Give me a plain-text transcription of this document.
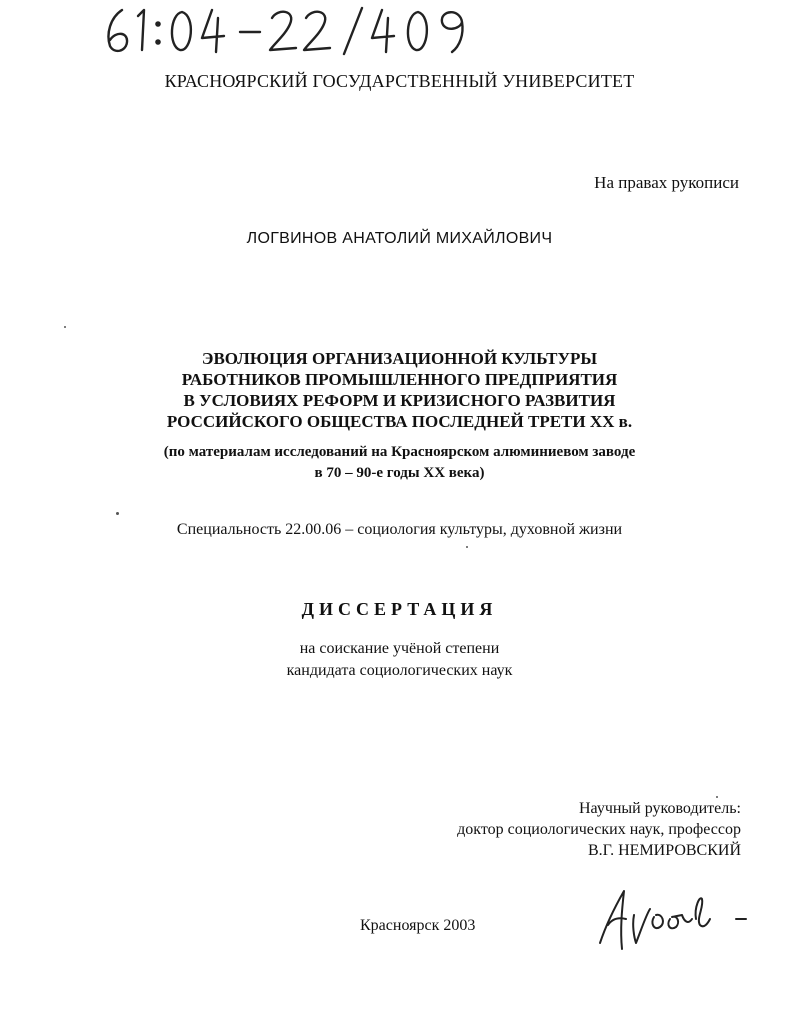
КРАСНОЯРСКИЙ ГОСУДАРСТВЕННЫЙ УНИВЕРСИТЕТ
На правах рукописи
ЛОГВИНОВ АНАТОЛИЙ МИХАЙЛОВИЧ
ЭВОЛЮЦИЯ ОРГАНИЗАЦИОННОЙ КУЛЬТУРЫ
РАБОТНИКОВ ПРОМЫШЛЕННОГО ПРЕДПРИЯТИЯ
В УСЛОВИЯХ РЕФОРМ И КРИЗИСНОГО РАЗВИТИЯ
РОССИЙСКОГО ОБЩЕСТВА ПОСЛЕДНЕЙ ТРЕТИ XX в.
(по материалам исследований на Красноярском алюминиевом заводе
в 70 – 90-е годы XX века)
Специальность 22.00.06 – социология культуры, духовной жизни
ДИССЕРТАЦИЯ
на соискание учёной степени
кандидата социологических наук
Научный руководитель:
доктор социологических наук, профессор
В.Г. НЕМИРОВСКИЙ
Красноярск 2003
